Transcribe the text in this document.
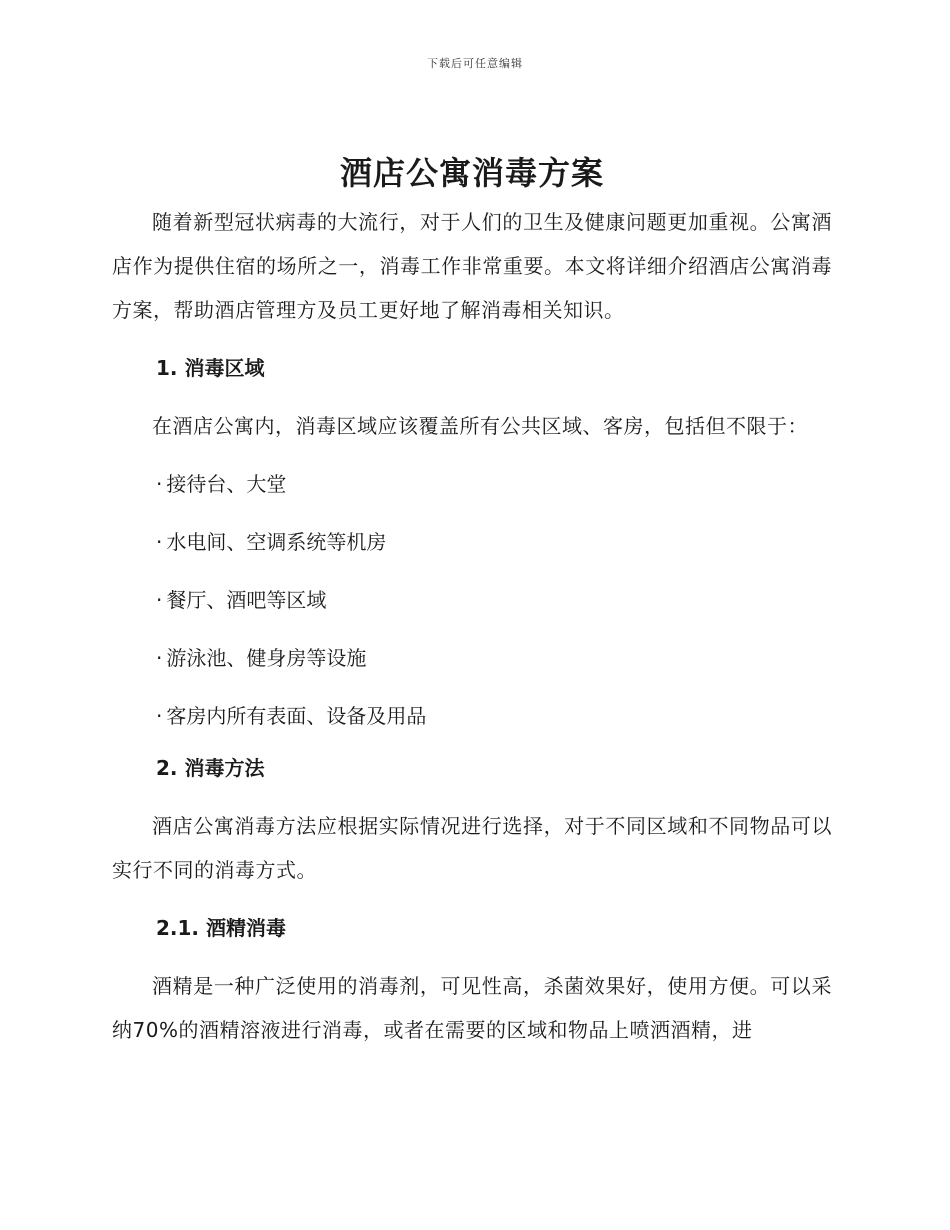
下载后可任意编辑
酒店公寓消毒方案

随着新型冠状病毒的大流行，对于人们的卫生及健康问题更加重视。公寓酒店作为提供住宿的场所之一，消毒工作非常重要。本文将详细介绍酒店公寓消毒方案，帮助酒店管理方及员工更好地了解消毒相关知识。

1. 消毒区域

在酒店公寓内，消毒区域应该覆盖所有公共区域、客房，包括但不限于：

· 接待台、大堂
· 水电间、空调系统等机房
· 餐厅、酒吧等区域
· 游泳池、健身房等设施
· 客房内所有表面、设备及用品
2. 消毒方法

酒店公寓消毒方法应根据实际情况进行选择，对于不同区域和不同物品可以实行不同的消毒方式。

2.1. 酒精消毒

酒精是一种广泛使用的消毒剂，可见性高，杀菌效果好，使用方便。可以采纳70%的酒精溶液进行消毒，或者在需要的区域和物品上喷洒酒精，进
